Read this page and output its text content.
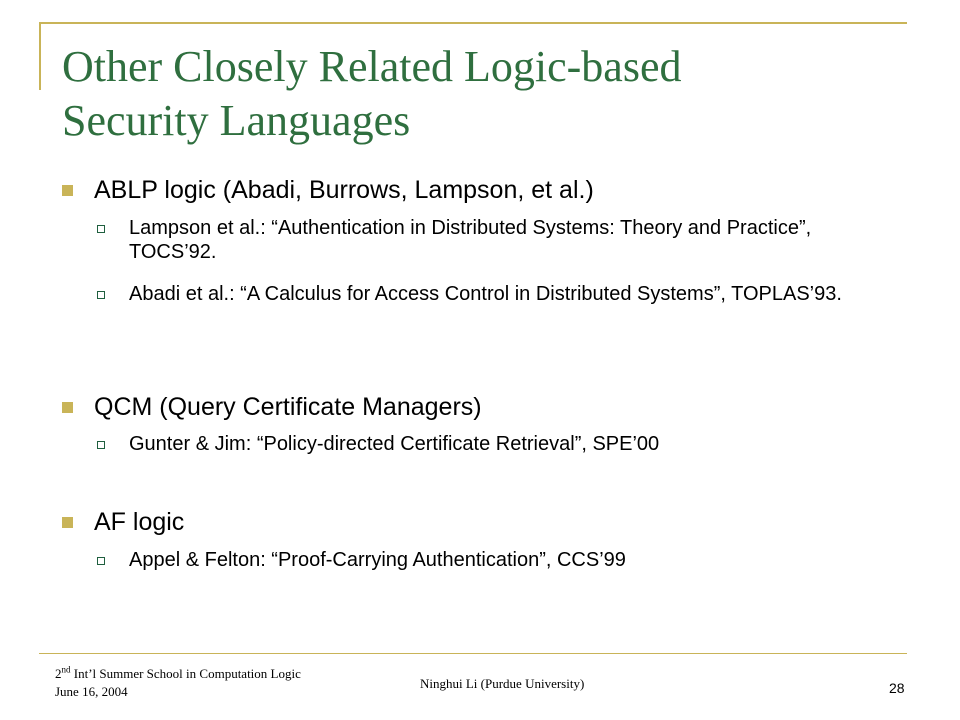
Other Closely Related Logic-based
Security Languages
ABLP logic (Abadi, Burrows, Lampson, et al.)
Lampson et al.: “Authentication in Distributed Systems: Theory and Practice”, TOCS’92.
Abadi et al.: “A Calculus for Access Control in Distributed Systems”, TOPLAS’93.
QCM (Query Certificate Managers)
Gunter & Jim: “Policy-directed Certificate Retrieval”, SPE’00
AF logic
Appel & Felton: “Proof-Carrying Authentication”, CCS’99
2nd Int’l Summer School in Computation Logic
June 16, 2004
Ninghui Li (Purdue University)	28
